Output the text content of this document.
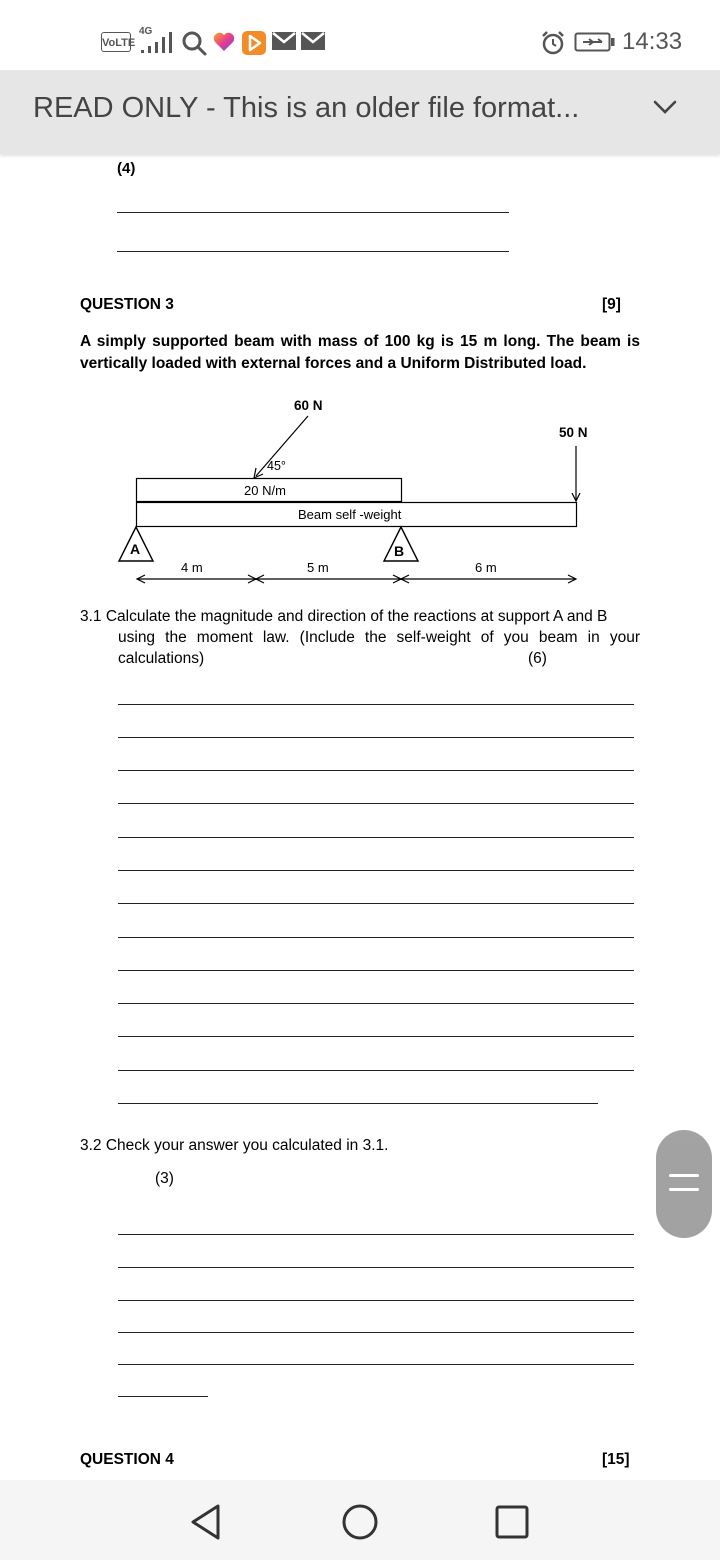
VoLTE
4G	14:33
READ ONLY - This is an older file format...
(4)
QUESTION 3	[9]
A simply supported beam with mass of 100 kg is 15 m long. The beam is vertically loaded with external forces and a Uniform Distributed load.
60 N
45°
50 N
20 N/m
Beam self -weight
A	B
4 m	5 m	6 m
3.1 Calculate the magnitude and direction of the reactions at support A and B
using the moment law. (Include the self-weight of you beam in your
calculations)	(6)
3.2 Check your answer you calculated in 3.1.
(3)
QUESTION 4	[15]
